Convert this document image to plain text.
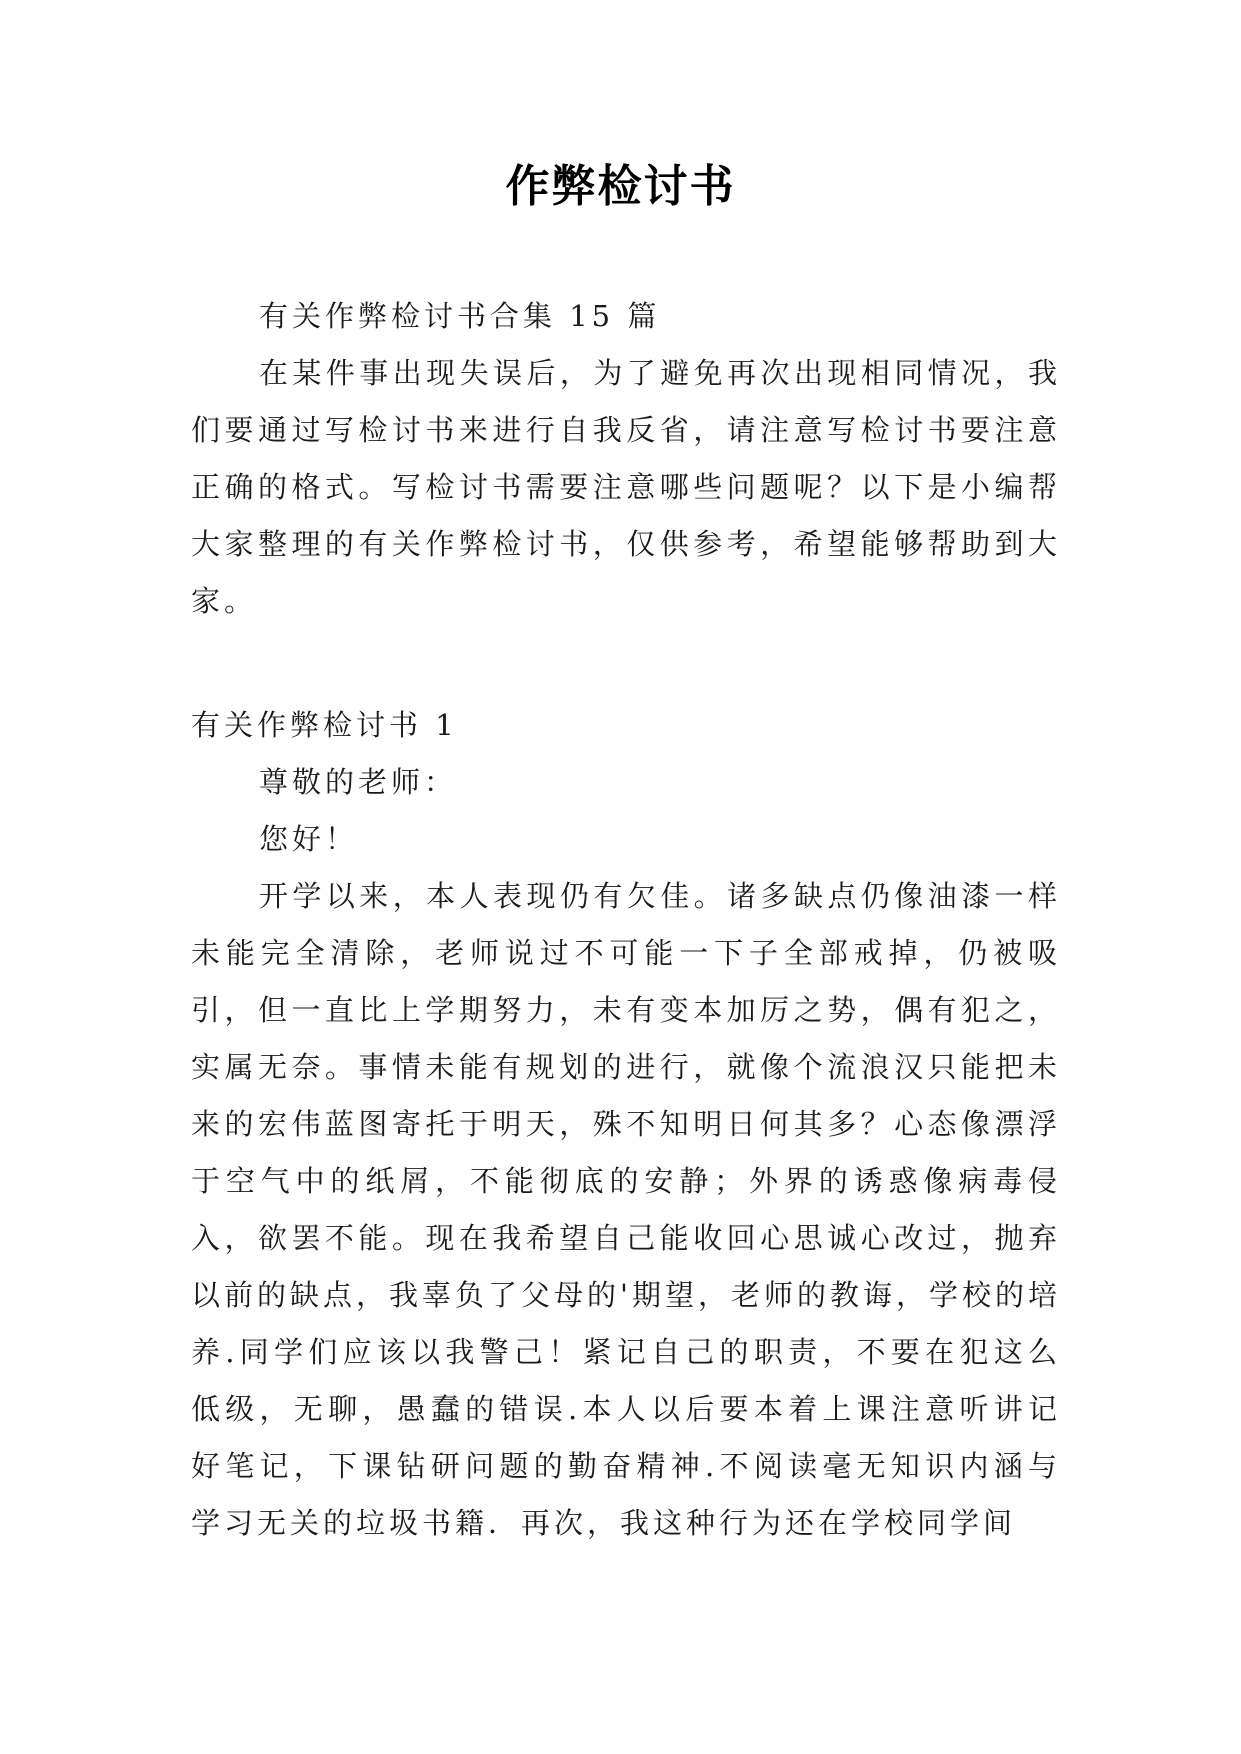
作弊检讨书

有关作弊检讨书合集 15 篇

在某件事出现失误后，为了避免再次出现相同情况，我们要通过写检讨书来进行自我反省，请注意写检讨书要注意正确的格式。写检讨书需要注意哪些问题呢？以下是小编帮大家整理的有关作弊检讨书，仅供参考，希望能够帮助到大家。

有关作弊检讨书 1

尊敬的老师：

您好！

开学以来，本人表现仍有欠佳。诸多缺点仍像油漆一样未能完全清除，老师说过不可能一下子全部戒掉，仍被吸引，但一直比上学期努力，未有变本加厉之势，偶有犯之，实属无奈。事情未能有规划的进行，就像个流浪汉只能把未来的宏伟蓝图寄托于明天，殊不知明日何其多？心态像漂浮于空气中的纸屑，不能彻底的安静；外界的诱惑像病毒侵入，欲罢不能。现在我希望自己能收回心思诚心改过，抛弃以前的缺点，我辜负了父母的'期望，老师的教诲，学校的培养.同学们应该以我警己！紧记自己的职责，不要在犯这么低级，无聊，愚蠢的错误.本人以后要本着上课注意听讲记好笔记，下课钻研问题的勤奋精神.不阅读毫无知识内涵与学习无关的垃圾书籍．再次，我这种行为还在学校同学间
